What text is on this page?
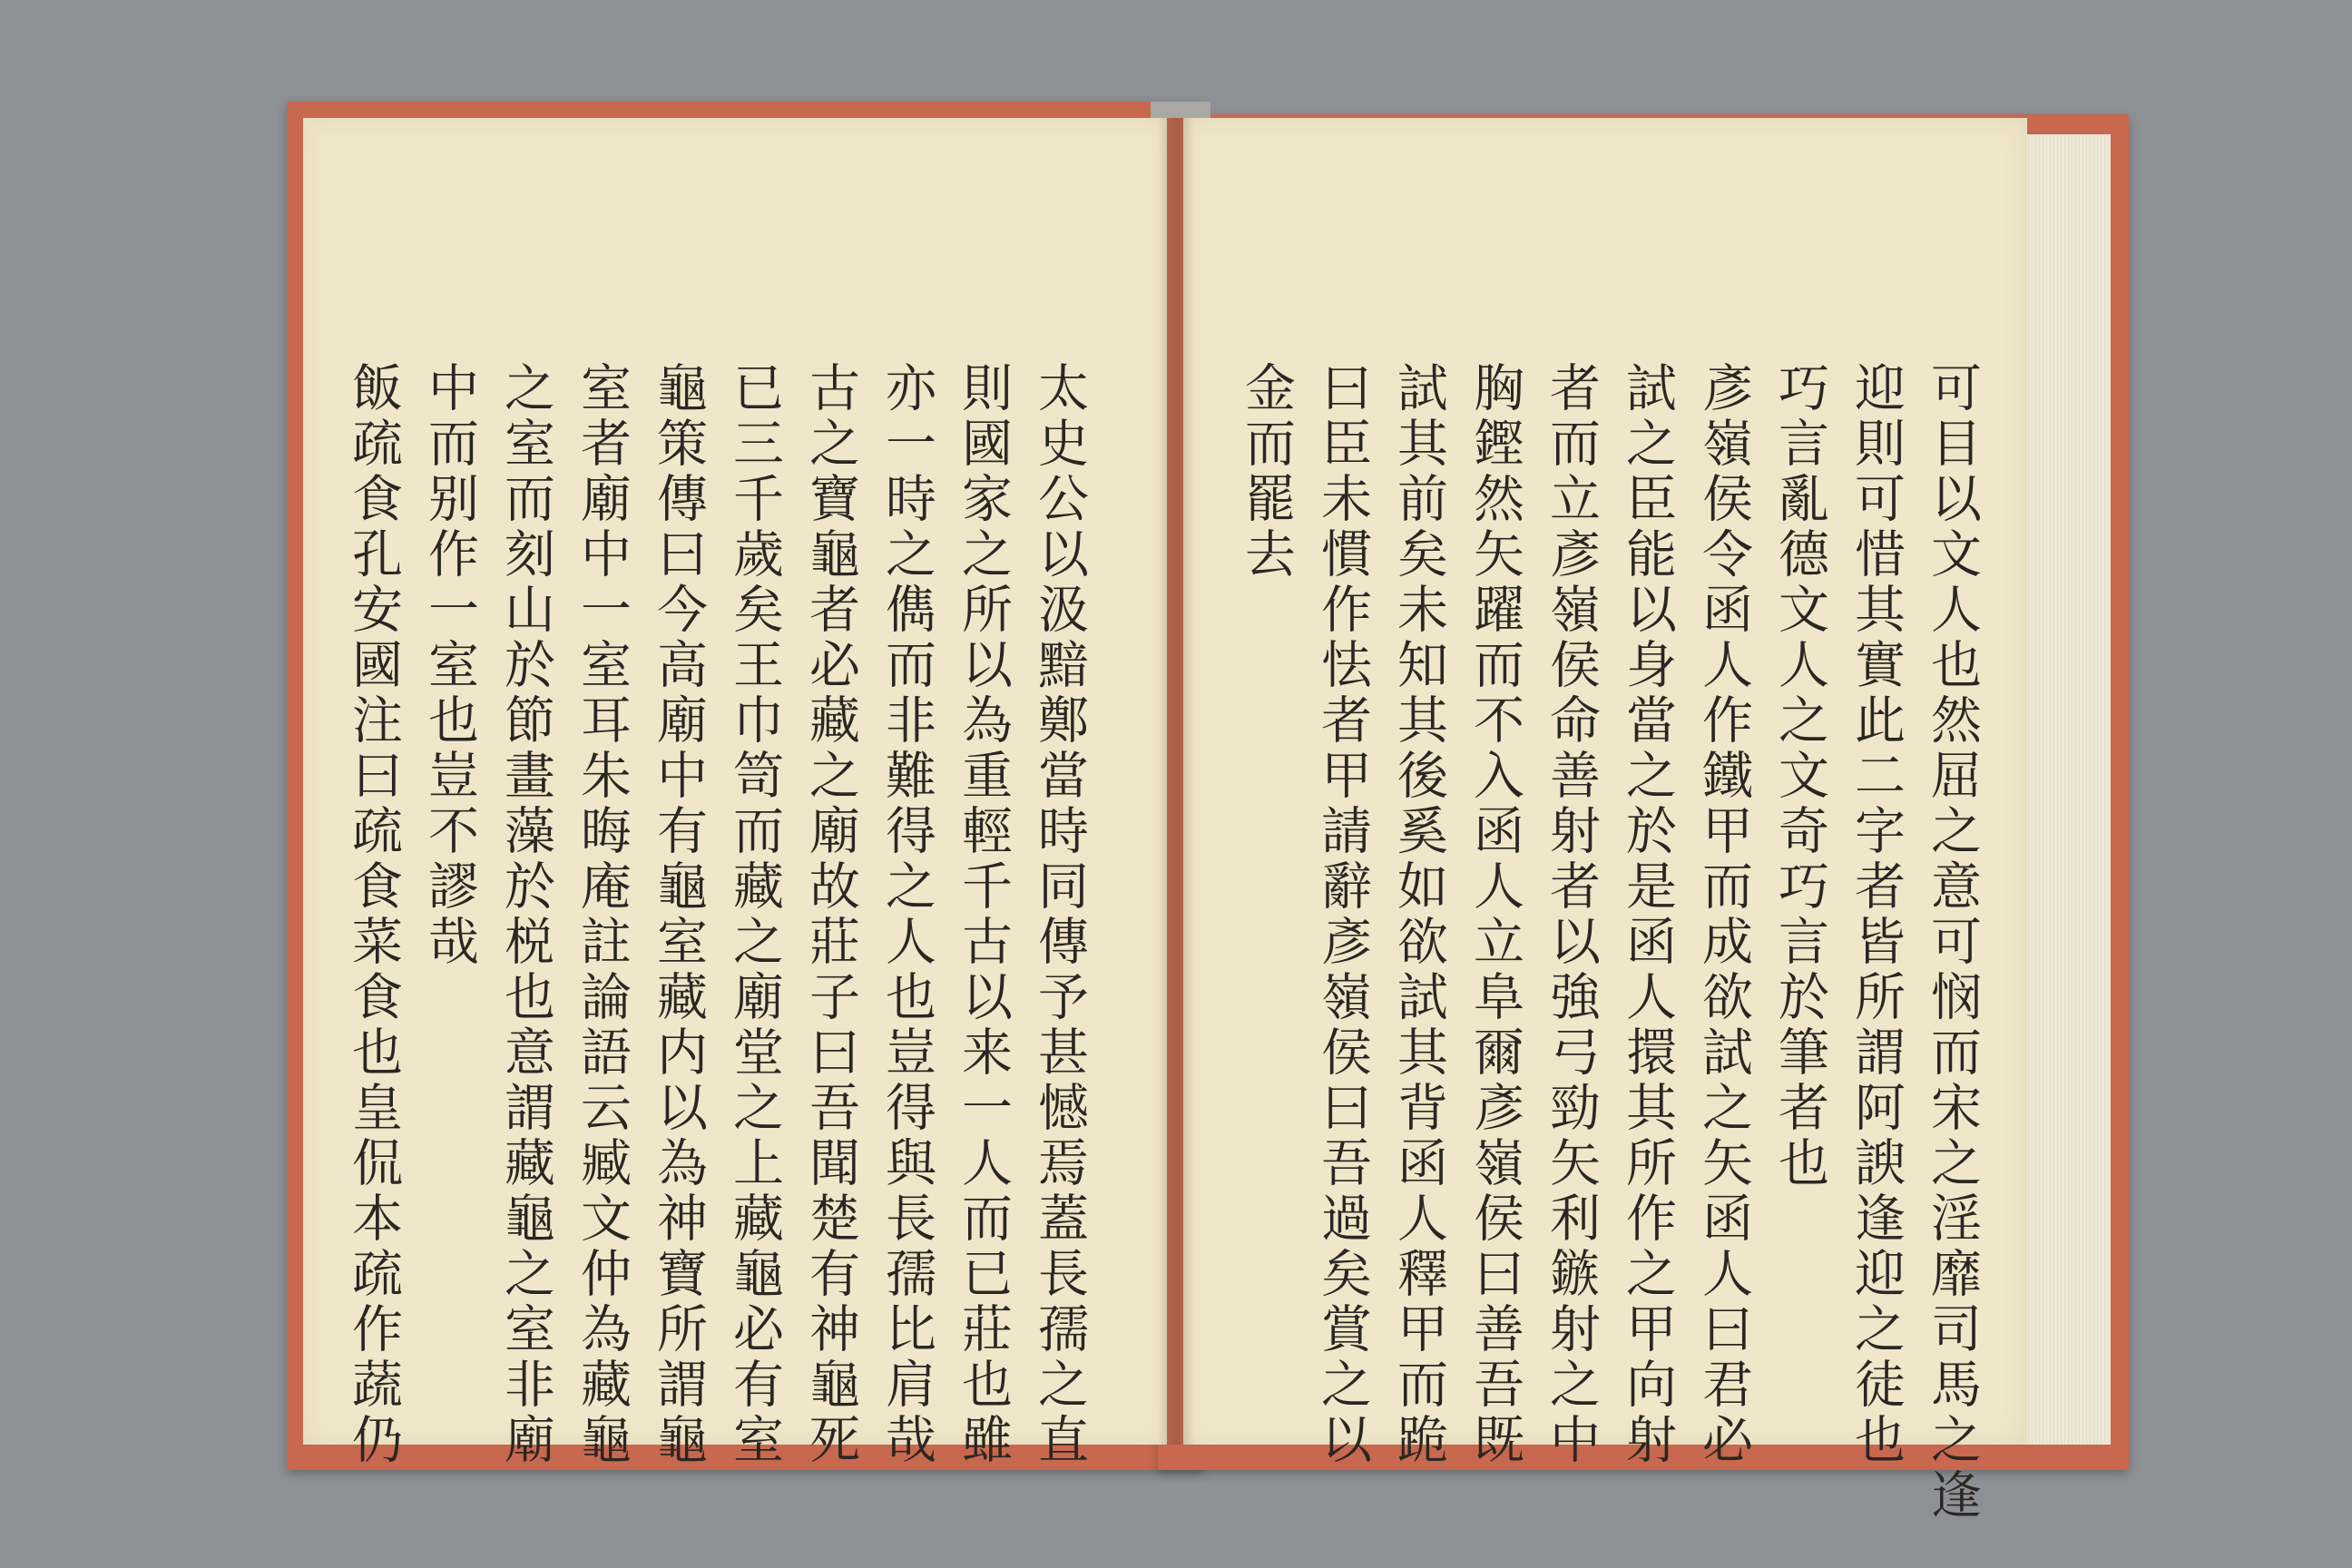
太史公以汲黯鄭當時同傳予甚憾焉蓋長孺之直
則國家之所以為重輕千古以来一人而已莊也雖
亦一時之儁而非難得之人也豈得與長孺比肩哉
古之寶龜者必藏之廟故莊子曰吾聞楚有神龜死
已三千歲矣王巾笥而藏之廟堂之上藏龜必有室
龜策傳曰今高廟中有龜室藏内以為神寶所謂龜
室者廟中一室耳朱晦庵註論語云臧文仲為藏龜
之室而刻山於節畫藻於棁也意謂藏龜之室非廟
中而别作一室也豈不謬哉
飯疏食孔安國注曰疏食菜食也皇侃本疏作蔬仍	可目以文人也然屈之意可悯而宋之淫靡司馬之逢
迎則可惜其實此二字者皆所謂阿諛逢迎之徒也
巧言亂德文人之文奇巧言於筆者也
彥嶺侯令函人作鐵甲而成欲試之矢函人曰君必
試之臣能以身當之於是函人擐其所作之甲向射
者而立彥嶺侯命善射者以強弓勁矢利鏃射之中
胸鏗然矢躍而不入函人立阜爾彥嶺侯曰善吾既
試其前矣未知其後奚如欲試其背函人釋甲而跪
曰臣未慣作怯者甲請辭彥嶺侯曰吾過矣賞之以
金而罷去
